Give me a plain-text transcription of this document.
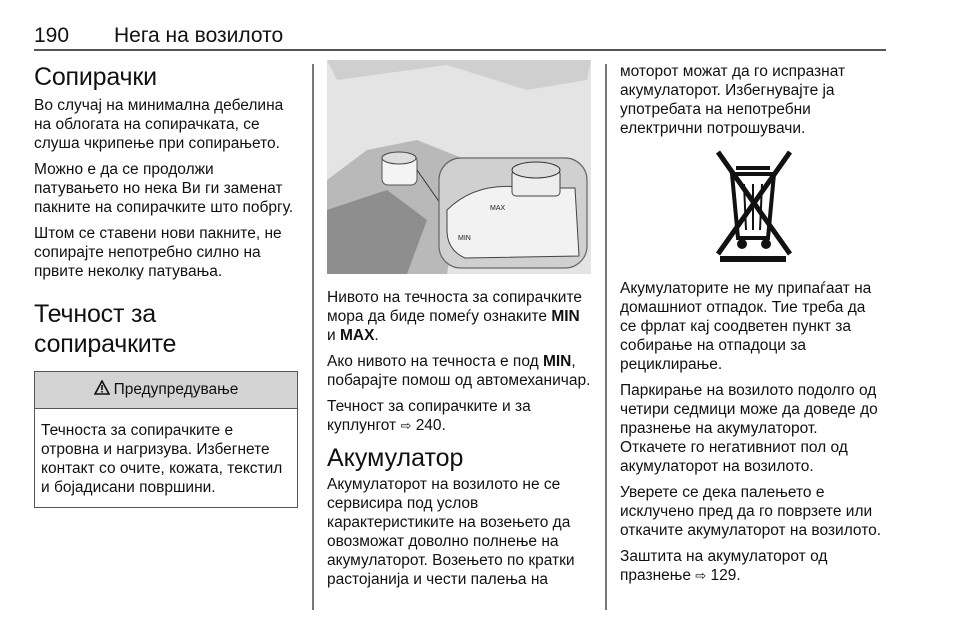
190 Нега на возилото
Сопирачки

Во случај на минимална дебелина на облогата на сопирачката, се слуша чкрипење при сопирањето.

Можно е да се продолжи патувањето но нека Ви ги заменат пакните на сопирачките што побргу.

Штом се ставени нови пакните, не сопирајте непотребно силно на првите неколку патувања.

Течност за сопирачките
Предупредување
Течноста за сопирачките е отровна и нагризува. Избегнете контакт со очите, кожата, текстил и бојадисани површини.
MAX
MIN

Нивото на течноста за сопирачките мора да биде помеѓу ознаките MIN и MAX.

Ако нивото на течноста е под MIN, побарајте помош од автомеханичар.

Течност за сопирачките и за куплунгот ⇨ 240.

Акумулатор

Акумулаторот на возилото не се сервисира под услов карактеристиките на возењето да овозможат доволно полнење на акумулаторот. Возењето по кратки растојанија и чести палења на

моторот можат да го испразнат акумулаторот. Избегнувајте ја употребата на непотребни електрични потрошувачи.

Акумулаторите не му припаѓаат на домашниот отпадок. Тие треба да се фрлат кај соодветен пункт за собирање на отпадоци за рециклирање.

Паркирање на возилото подолго од четири седмици може да доведе до празнење на акумулаторот. Откачете го негативниот пол од акумулаторот на возилото.

Уверете се дека палењето е исклучено пред да го поврзете или откачите акумулаторот на возилото.

Заштита на акумулаторот од празнење ⇨ 129.
